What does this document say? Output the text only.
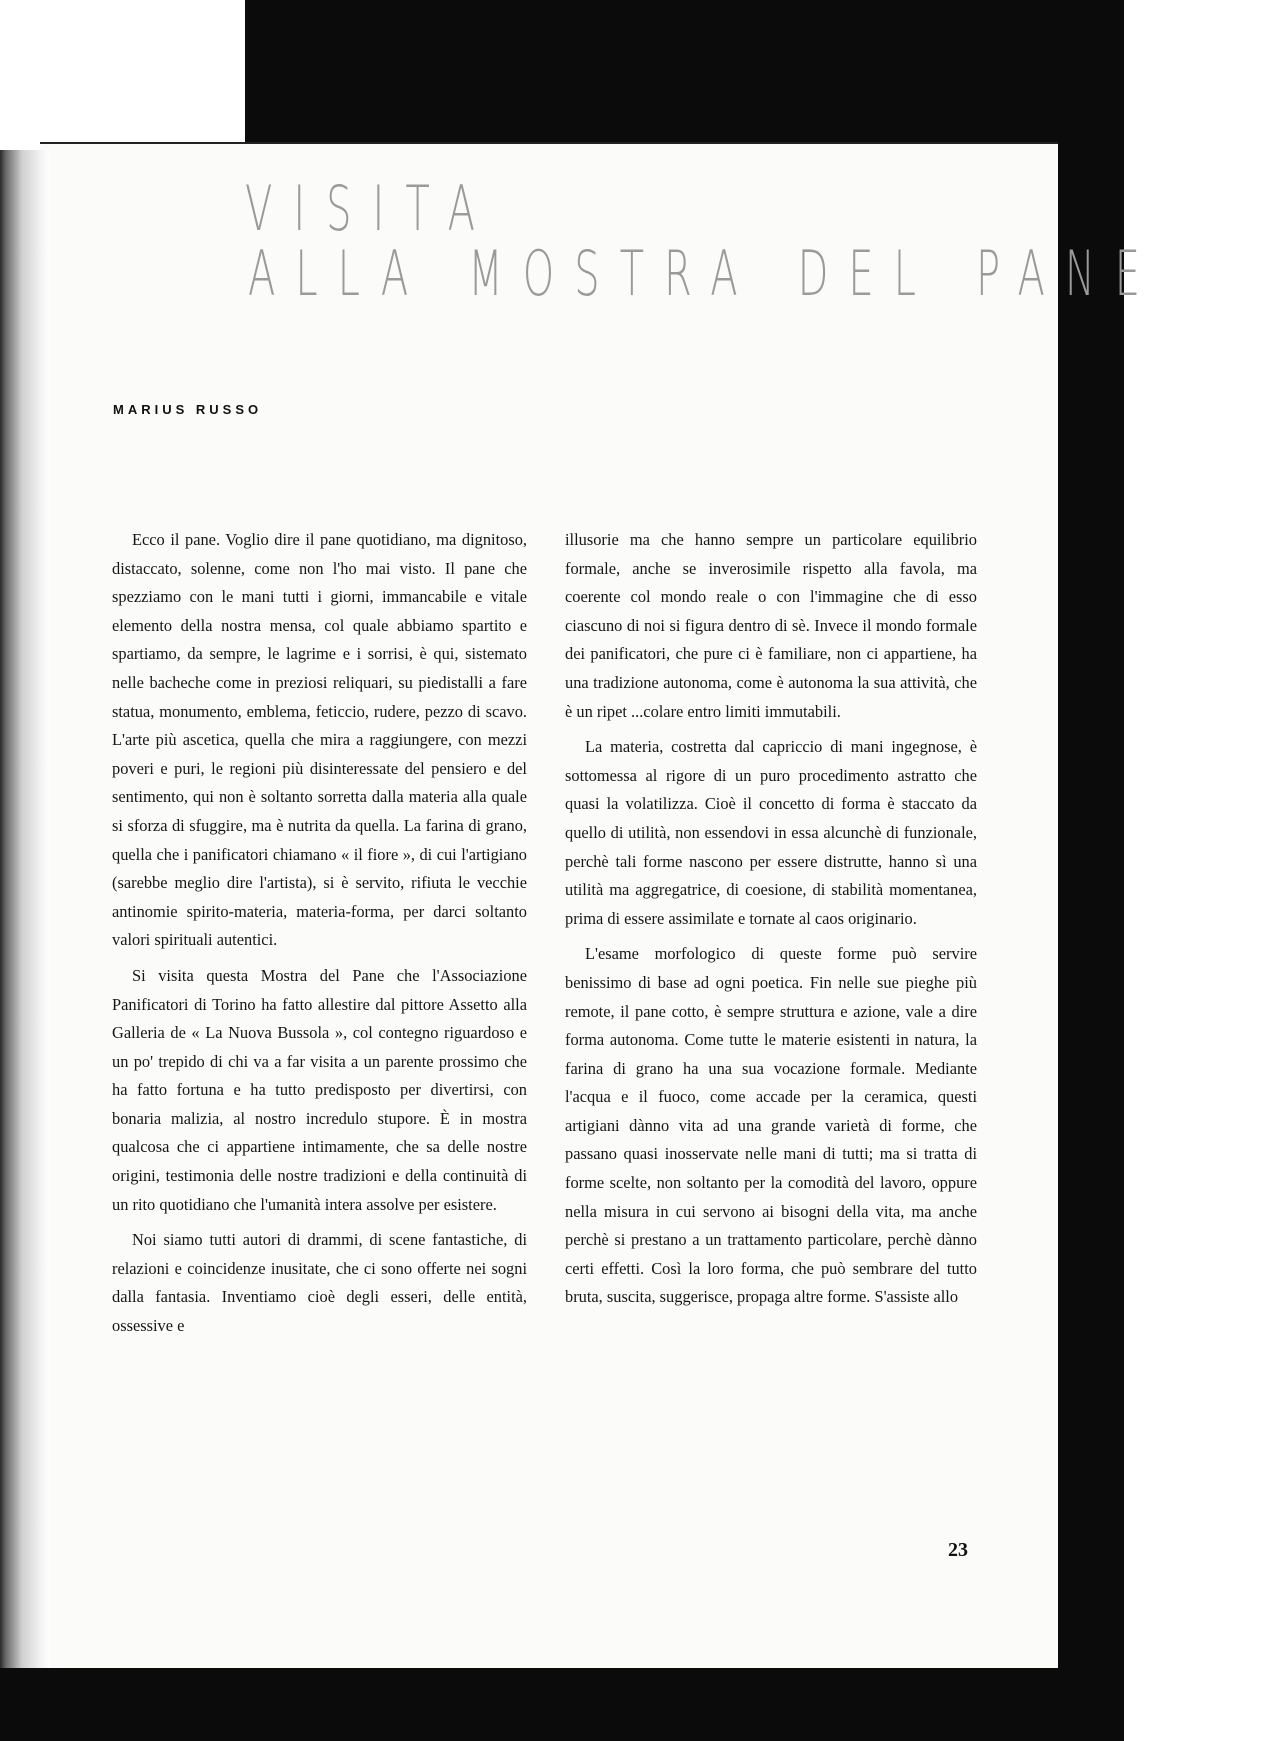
VISITA
ALLA MOSTRA DEL PANE
MARIUS RUSSO

Ecco il pane. Voglio dire il pane quotidiano, ma dignitoso, distaccato, solenne, come non l'ho mai visto. Il pane che spezziamo con le mani tutti i giorni, immancabile e vitale elemento della nostra mensa, col quale abbiamo spartito e spartiamo, da sempre, le lagrime e i sorrisi, è qui, sistemato nelle bacheche come in preziosi reliquari, su piedistalli a fare statua, monumento, emblema, feticcio, rudere, pezzo di scavo. L'arte più ascetica, quella che mira a raggiungere, con mezzi poveri e puri, le regioni più disinteressate del pensiero e del sentimento, qui non è soltanto sorretta dalla materia alla quale si sforza di sfuggire, ma è nutrita da quella. La farina di grano, quella che i panificatori chiamano « il fiore », di cui l'artigiano (sarebbe meglio dire l'artista), si è servito, rifiuta le vecchie antinomie spirito-materia, materia-forma, per darci soltanto valori spirituali autentici.

Si visita questa Mostra del Pane che l'Associazione Panificatori di Torino ha fatto allestire dal pittore Assetto alla Galleria de « La Nuova Bussola », col contegno riguardoso e un po' trepido di chi va a far visita a un parente prossimo che ha fatto fortuna e ha tutto predisposto per divertirsi, con bonaria malizia, al nostro incredulo stupore. È in mostra qualcosa che ci appartiene intimamente, che sa delle nostre origini, testimonia delle nostre tradizioni e della continuità di un rito quotidiano che l'umanità intera assolve per esistere.

Noi siamo tutti autori di drammi, di scene fantastiche, di relazioni e coincidenze inusitate, che ci sono offerte nei sogni dalla fantasia. Inventiamo cioè degli esseri, delle entità, ossessive e

illusorie ma che hanno sempre un particolare equilibrio formale, anche se inverosimile rispetto alla favola, ma coerente col mondo reale o con l'immagine che di esso ciascuno di noi si figura dentro di sè. Invece il mondo formale dei panificatori, che pure ci è familiare, non ci appartiene, ha una tradizione autonoma, come è autonoma la sua attività, che è un ripet ...colare entro limiti immutabili.

La materia, costretta dal capriccio di mani ingegnose, è sottomessa al rigore di un puro procedimento astratto che quasi la volatilizza. Cioè il concetto di forma è staccato da quello di utilità, non essendovi in essa alcunchè di funzionale, perchè tali forme nascono per essere distrutte, hanno sì una utilità ma aggregatrice, di coesione, di stabilità momentanea, prima di essere assimilate e tornate al caos originario.

L'esame morfologico di queste forme può servire benissimo di base ad ogni poetica. Fin nelle sue pieghe più remote, il pane cotto, è sempre struttura e azione, vale a dire forma autonoma. Come tutte le materie esistenti in natura, la farina di grano ha una sua vocazione formale. Mediante l'acqua e il fuoco, come accade per la ceramica, questi artigiani dànno vita ad una grande varietà di forme, che passano quasi inosservate nelle mani di tutti; ma si tratta di forme scelte, non soltanto per la comodità del lavoro, oppure nella misura in cui servono ai bisogni della vita, ma anche perchè si prestano a un trattamento particolare, perchè dànno certi effetti. Così la loro forma, che può sembrare del tutto bruta, suscita, suggerisce, propaga altre forme. S'assiste allo

23
